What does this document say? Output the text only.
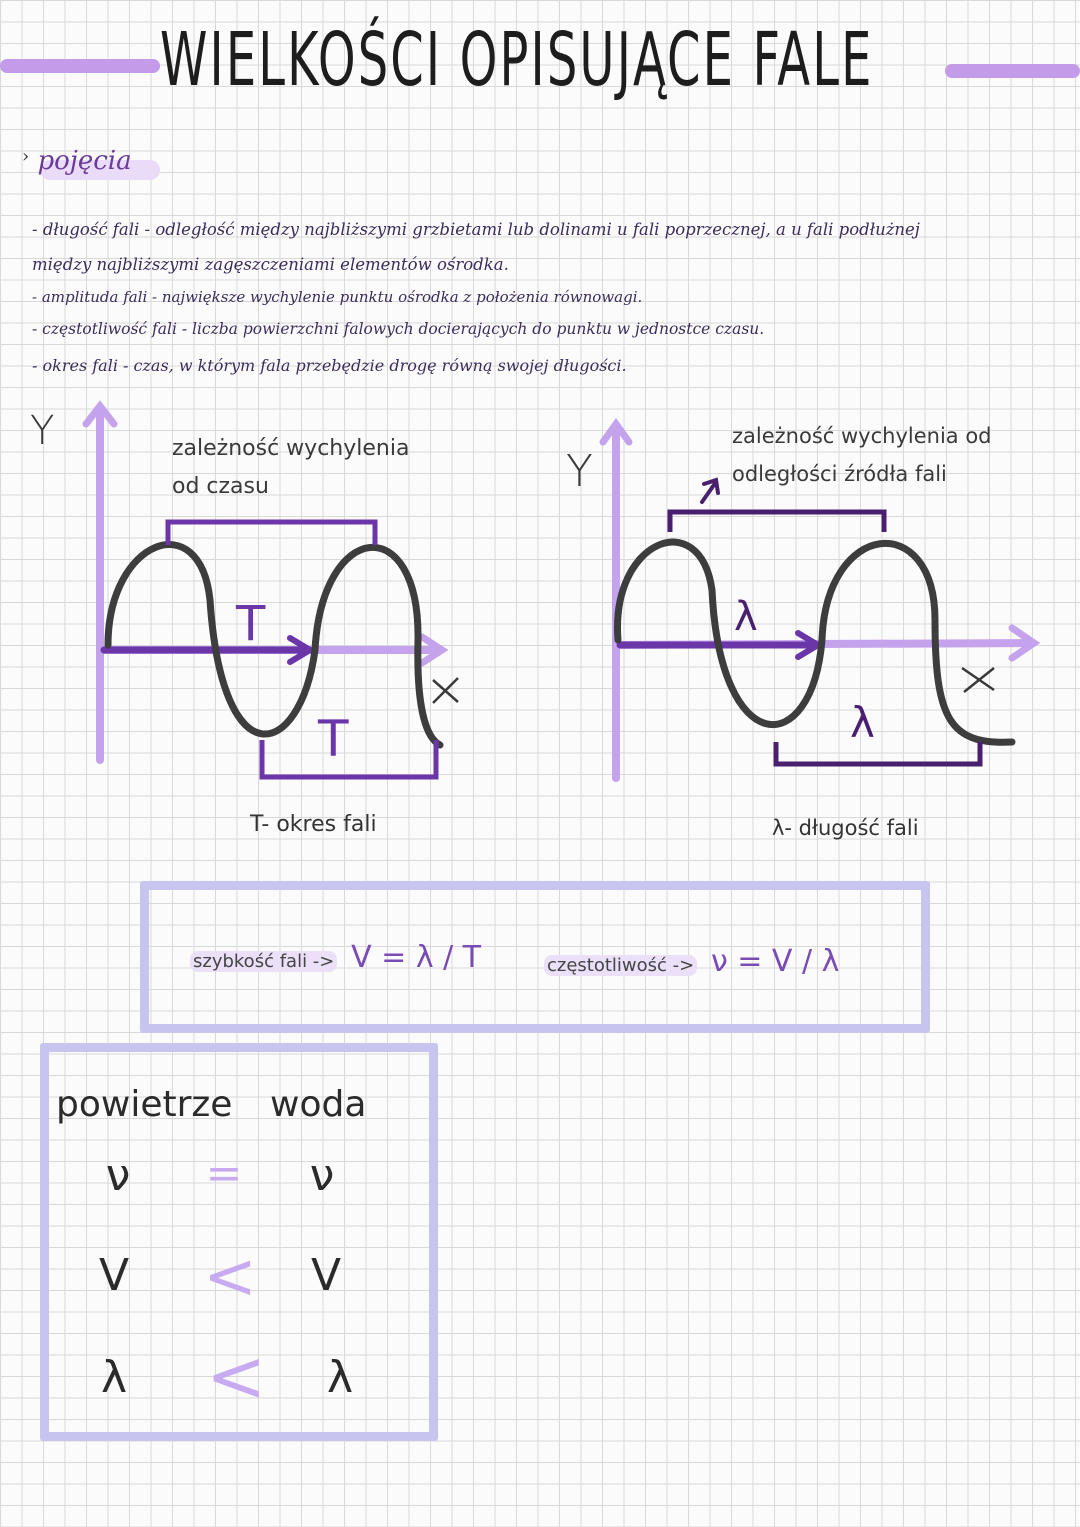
WIELKOŚCI OPISUJĄCE FALE
› pojęcia
- długość fali - odległość między najbliższymi grzbietami lub dolinami u fali poprzecznej, a u fali podłużnej
między najbliższymi zagęszczeniami elementów ośrodka.
- amplituda fali - największe wychylenie punktu ośrodka z położenia równowagi.
- częstotliwość fali - liczba powierzchni falowych docierających do punktu w jednostce czasu.
- okres fali - czas, w którym fala przebędzie drogę równą swojej długości.
Y
Y
zależność wychylenia
od czasu
zależność wychylenia od
odległości źródła fali
T
T
λ
λ
T- okres fali	λ- długość fali
szybkość fali -> V = λ / T	częstotliwość -> ν = V / λ
powietrze woda
ν	=	ν
V <	V
λ <	λ
